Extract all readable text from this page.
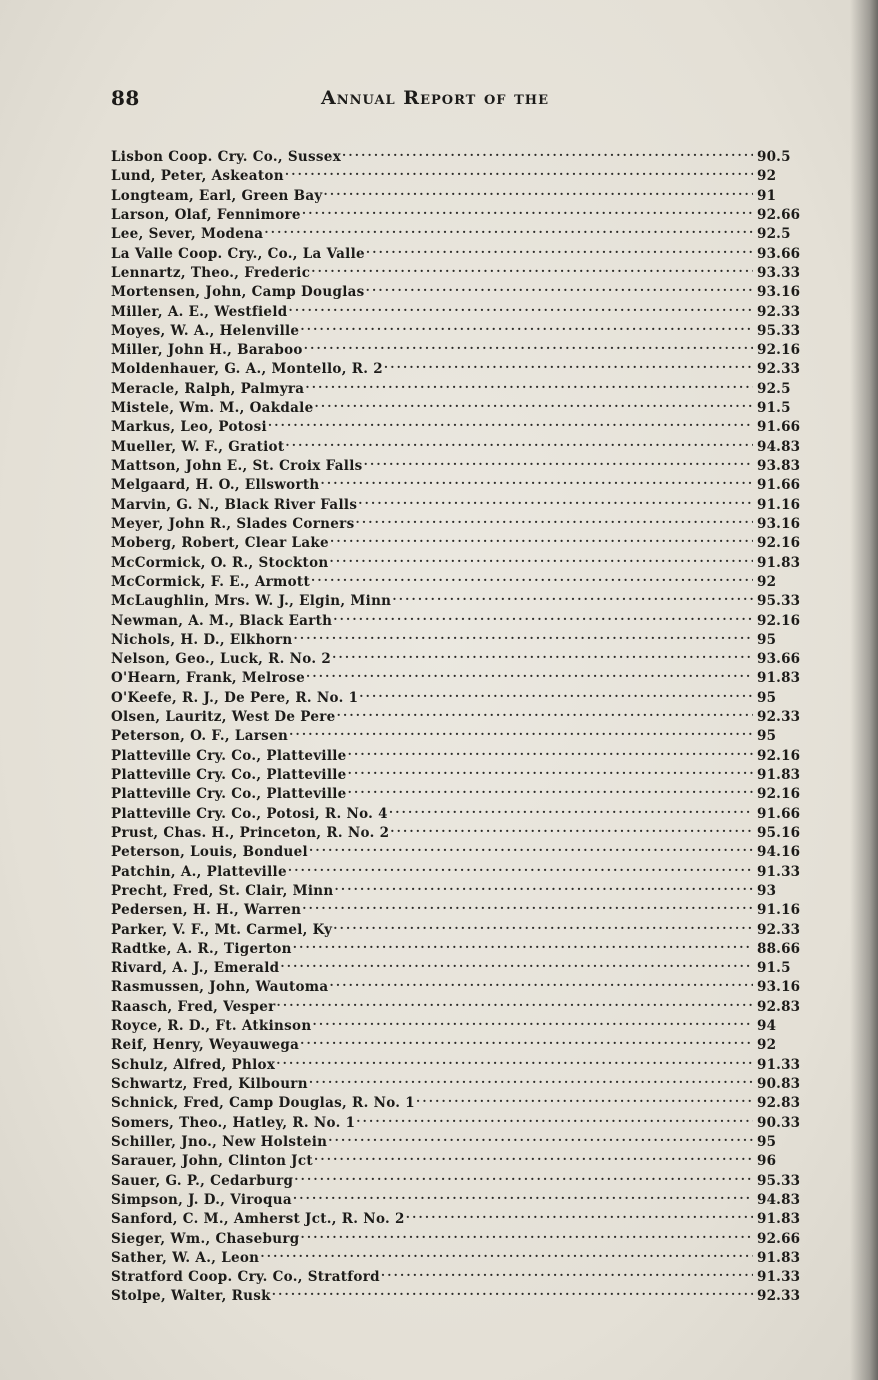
88	Annual Report of the
Lisbon Coop. Cry. Co., Sussex .....	90.5
Lund, Peter, Askeaton .....	92
Longteam, Earl, Green Bay .....	91
Larson, Olaf, Fennimore .....	92.66
Lee, Sever, Modena .....	92.5
La Valle Coop. Cry., Co., La Valle .....	93.66
Lennartz, Theo., Frederic .....	93.33
Mortensen, John, Camp Douglas .....	93.16
Miller, A. E., Westfield .....	92.33
Moyes, W. A., Helenville .....	95.33
Miller, John H., Baraboo .....	92.16
Moldenhauer, G. A., Montello, R. 2 .....	92.33
Meracle, Ralph, Palmyra .....	92.5
Mistele, Wm. M., Oakdale .....	91.5
Markus, Leo, Potosi .....	91.66
Mueller, W. F., Gratiot .....	94.83
Mattson, John E., St. Croix Falls .....	93.83
Melgaard, H. O., Ellsworth .....	91.66
Marvin, G. N., Black River Falls .....	91.16
Meyer, John R., Slades Corners .....	93.16
Moberg, Robert, Clear Lake .....	92.16
McCormick, O. R., Stockton .....	91.83
McCormick, F. E., Armott .....	92
McLaughlin, Mrs. W. J., Elgin, Minn .....	95.33
Newman, A. M., Black Earth .....	92.16
Nichols, H. D., Elkhorn .....	95
Nelson, Geo., Luck, R. No. 2 .....	93.66
O'Hearn, Frank, Melrose .....	91.83
O'Keefe, R. J., De Pere, R. No. 1 .....	95
Olsen, Lauritz, West De Pere .....	92.33
Peterson, O. F., Larsen .....	95
Platteville Cry. Co., Platteville .....	92.16
Platteville Cry. Co., Platteville .....	91.83
Platteville Cry. Co., Platteville .....	92.16
Platteville Cry. Co., Potosi, R. No. 4 .....	91.66
Prust, Chas. H., Princeton, R. No. 2 .....	95.16
Peterson, Louis, Bonduel .....	94.16
Patchin, A., Platteville .....	91.33
Precht, Fred, St. Clair, Minn .....	93
Pedersen, H. H., Warren .....	91.16
Parker, V. F., Mt. Carmel, Ky .....	92.33
Radtke, A. R., Tigerton .....	88.66
Rivard, A. J., Emerald .....	91.5
Rasmussen, John, Wautoma .....	93.16
Raasch, Fred, Vesper .....	92.83
Royce, R. D., Ft. Atkinson .....	94
Reif, Henry, Weyauwega .....	92
Schulz, Alfred, Phlox .....	91.33
Schwartz, Fred, Kilbourn .....	90.83
Schnick, Fred, Camp Douglas, R. No. 1 .....	92.83
Somers, Theo., Hatley, R. No. 1 .....	90.33
Schiller, Jno., New Holstein .....	95
Sarauer, John, Clinton Jct .....	96
Sauer, G. P., Cedarburg .....	95.33
Simpson, J. D., Viroqua .....	94.83
Sanford, C. M., Amherst Jct., R. No. 2 .....	91.83
Sieger, Wm., Chaseburg .....	92.66
Sather, W. A., Leon .....	91.83
Stratford Coop. Cry. Co., Stratford .....	91.33
Stolpe, Walter, Rusk .....	92.33
